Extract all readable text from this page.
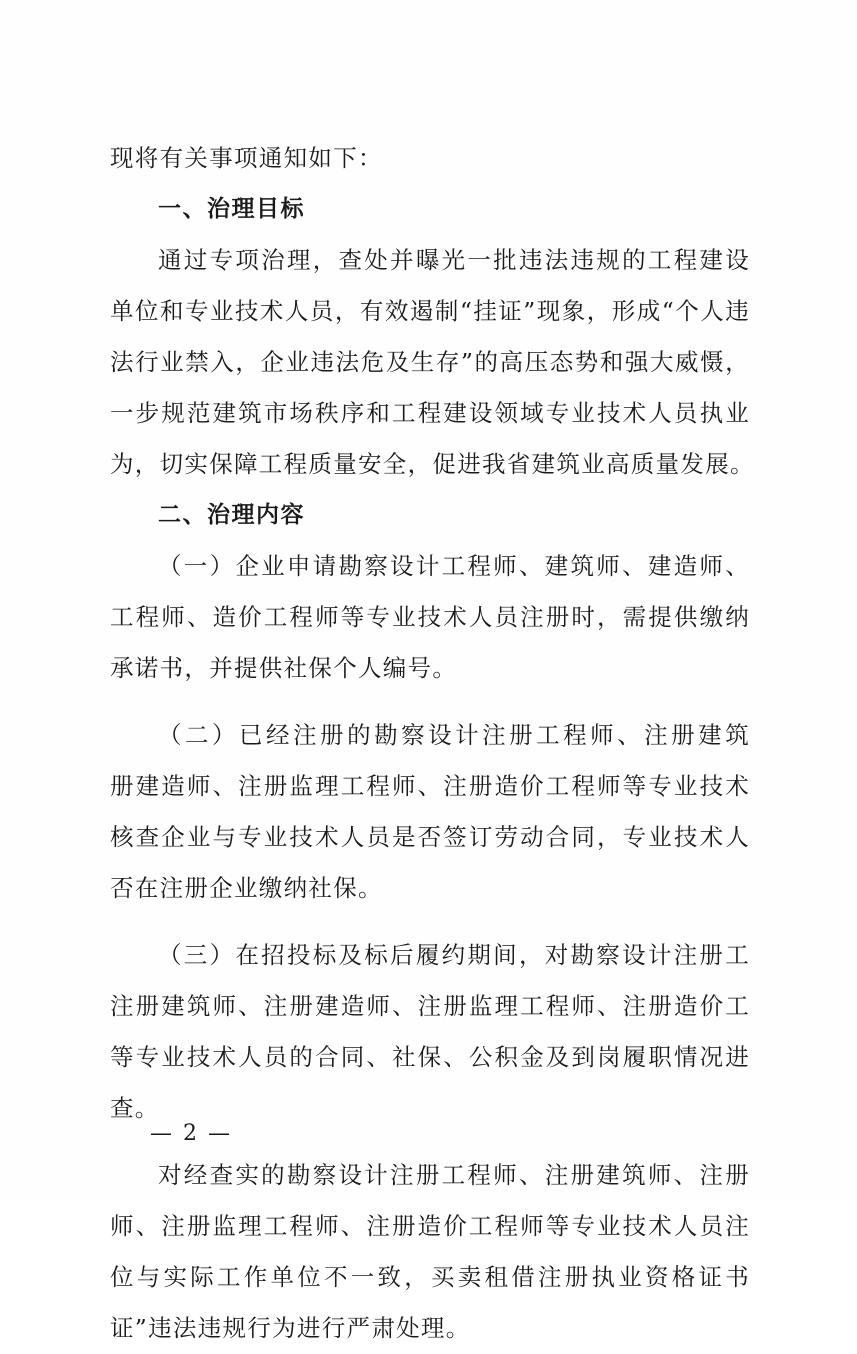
现将有关事项通知如下：
一、治理目标
通过专项治理，查处并曝光一批违法违规的工程建设
单位和专业技术人员，有效遏制“挂证”现象，形成“个人违
法行业禁入，企业违法危及生存”的高压态势和强大威慑，
一步规范建筑市场秩序和工程建设领域专业技术人员执业
为，切实保障工程质量安全，促进我省建筑业高质量发展。
二、治理内容
（一）企业申请勘察设计工程师、建筑师、建造师、
工程师、造价工程师等专业技术人员注册时，需提供缴纳
承诺书，并提供社保个人编号。
（二）已经注册的勘察设计注册工程师、注册建筑
册建造师、注册监理工程师、注册造价工程师等专业技术
核查企业与专业技术人员是否签订劳动合同，专业技术人
否在注册企业缴纳社保。
（三）在招投标及标后履约期间，对勘察设计注册工
注册建筑师、注册建造师、注册监理工程师、注册造价工
等专业技术人员的合同、社保、公积金及到岗履职情况进
查。
对经查实的勘察设计注册工程师、注册建筑师、注册
师、注册监理工程师、注册造价工程师等专业技术人员注
位与实际工作单位不一致，买卖租借注册执业资格证书
证”违法违规行为进行严肃处理。
— 2 —
